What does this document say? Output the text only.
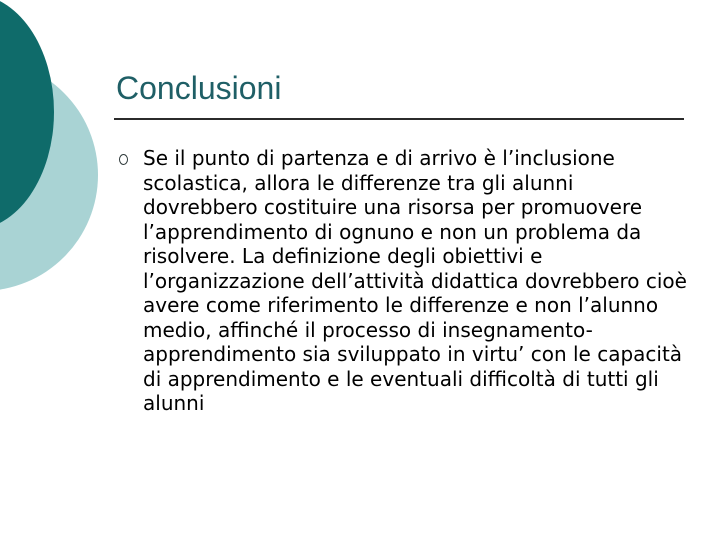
Conclusioni

Se il punto di partenza e di arrivo è l’inclusione scolastica, allora le differenze tra gli alunni dovrebbero costituire una risorsa per promuovere l’apprendimento di ognuno e non un problema da risolvere. La definizione degli obiettivi e l’organizzazione dell’attività didattica dovrebbero cioè avere come riferimento le differenze e non l’alunno medio, affinché il processo di insegnamento-apprendimento sia sviluppato in virtu’ con le capacità di apprendimento e le eventuali difficoltà di tutti gli alunni
